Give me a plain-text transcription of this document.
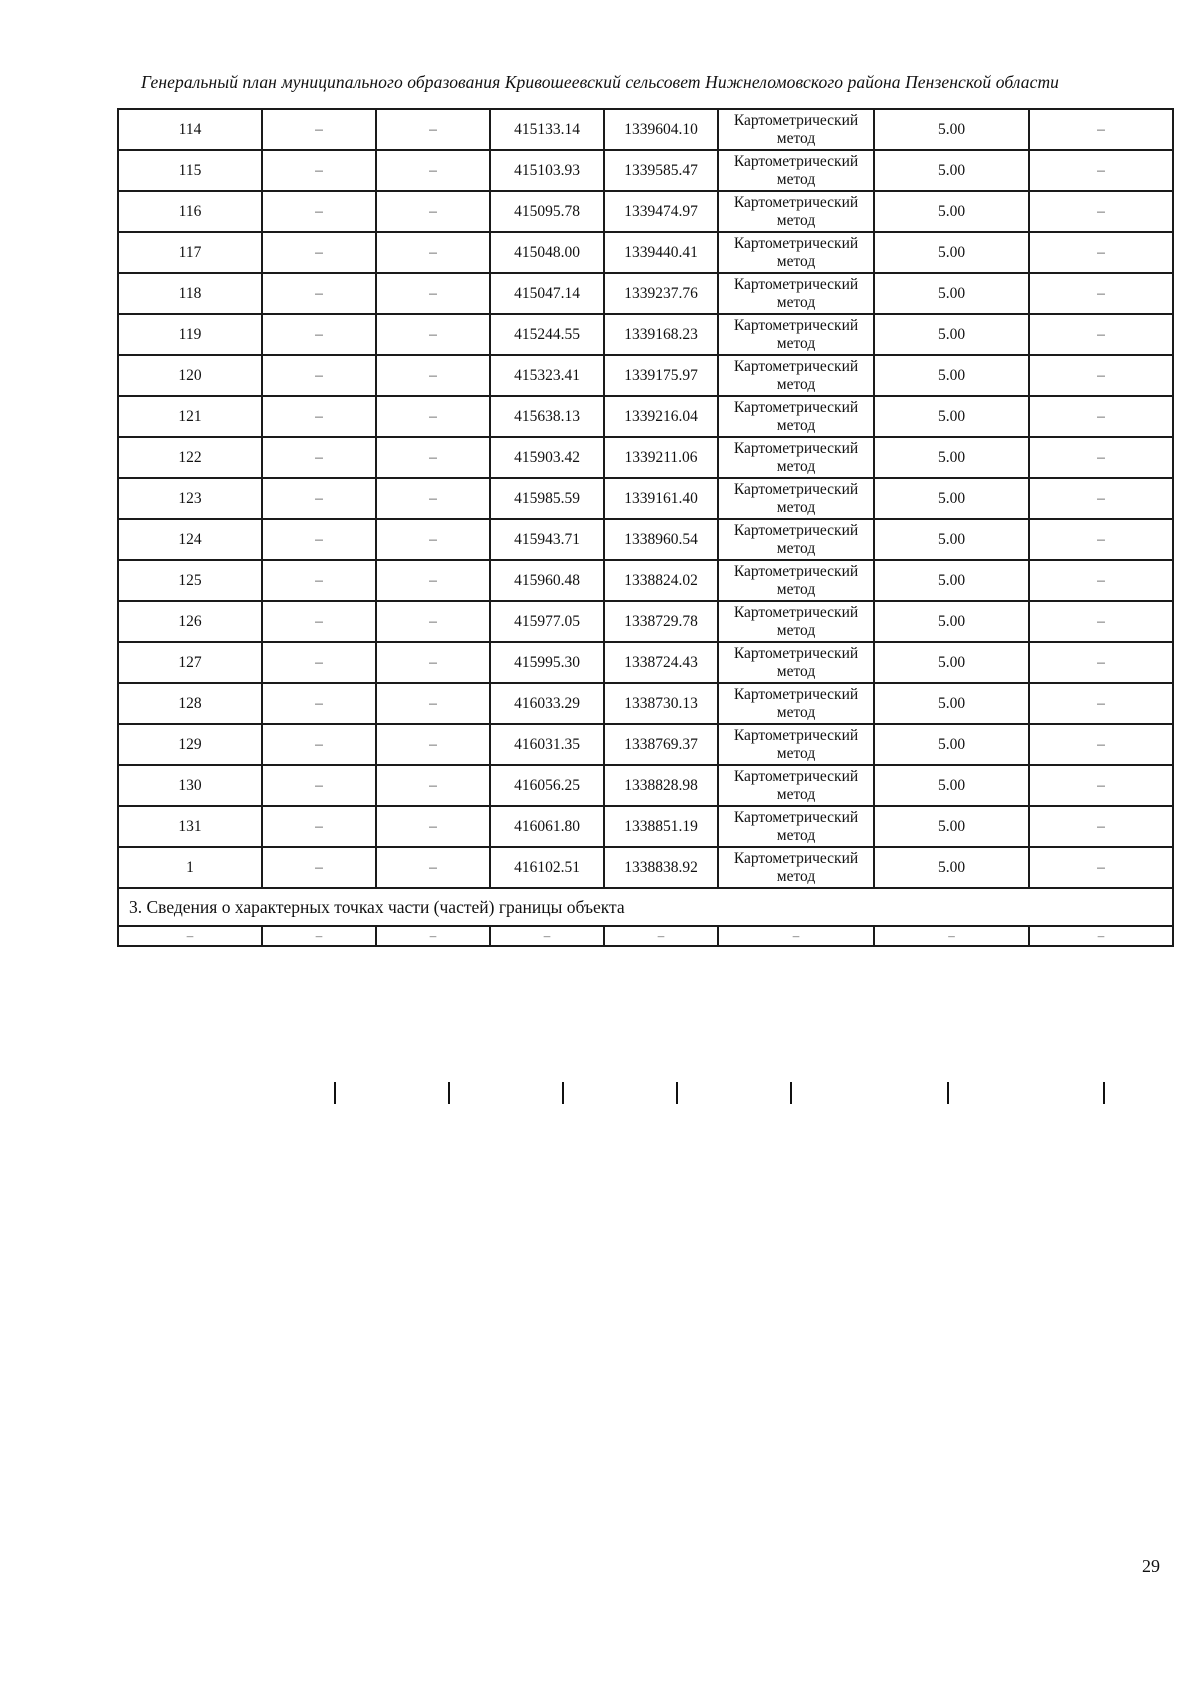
Генеральный план муниципального образования Кривошеевский сельсовет Нижнеломовского района Пензенской области
114	–	–	415133.14	1339604.10	Картометрический метод	5.00	–
115	–	–	415103.93	1339585.47	Картометрический метод	5.00	–
116	–	–	415095.78	1339474.97	Картометрический метод	5.00	–
117	–	–	415048.00	1339440.41	Картометрический метод	5.00	–
118	–	–	415047.14	1339237.76	Картометрический метод	5.00	–
119	–	–	415244.55	1339168.23	Картометрический метод	5.00	–
120	–	–	415323.41	1339175.97	Картометрический метод	5.00	–
121	–	–	415638.13	1339216.04	Картометрический метод	5.00	–
122	–	–	415903.42	1339211.06	Картометрический метод	5.00	–
123	–	–	415985.59	1339161.40	Картометрический метод	5.00	–
124	–	–	415943.71	1338960.54	Картометрический метод	5.00	–
125	–	–	415960.48	1338824.02	Картометрический метод	5.00	–
126	–	–	415977.05	1338729.78	Картометрический метод	5.00	–
127	–	–	415995.30	1338724.43	Картометрический метод	5.00	–
128	–	–	416033.29	1338730.13	Картометрический метод	5.00	–
129	–	–	416031.35	1338769.37	Картометрический метод	5.00	–
130	–	–	416056.25	1338828.98	Картометрический метод	5.00	–
131	–	–	416061.80	1338851.19	Картометрический метод	5.00	–
1	–	–	416102.51	1338838.92	Картометрический метод	5.00	–
3. Сведения о характерных точках части (частей) границы объекта							
–	–	–	–	–	–	–	–
29
